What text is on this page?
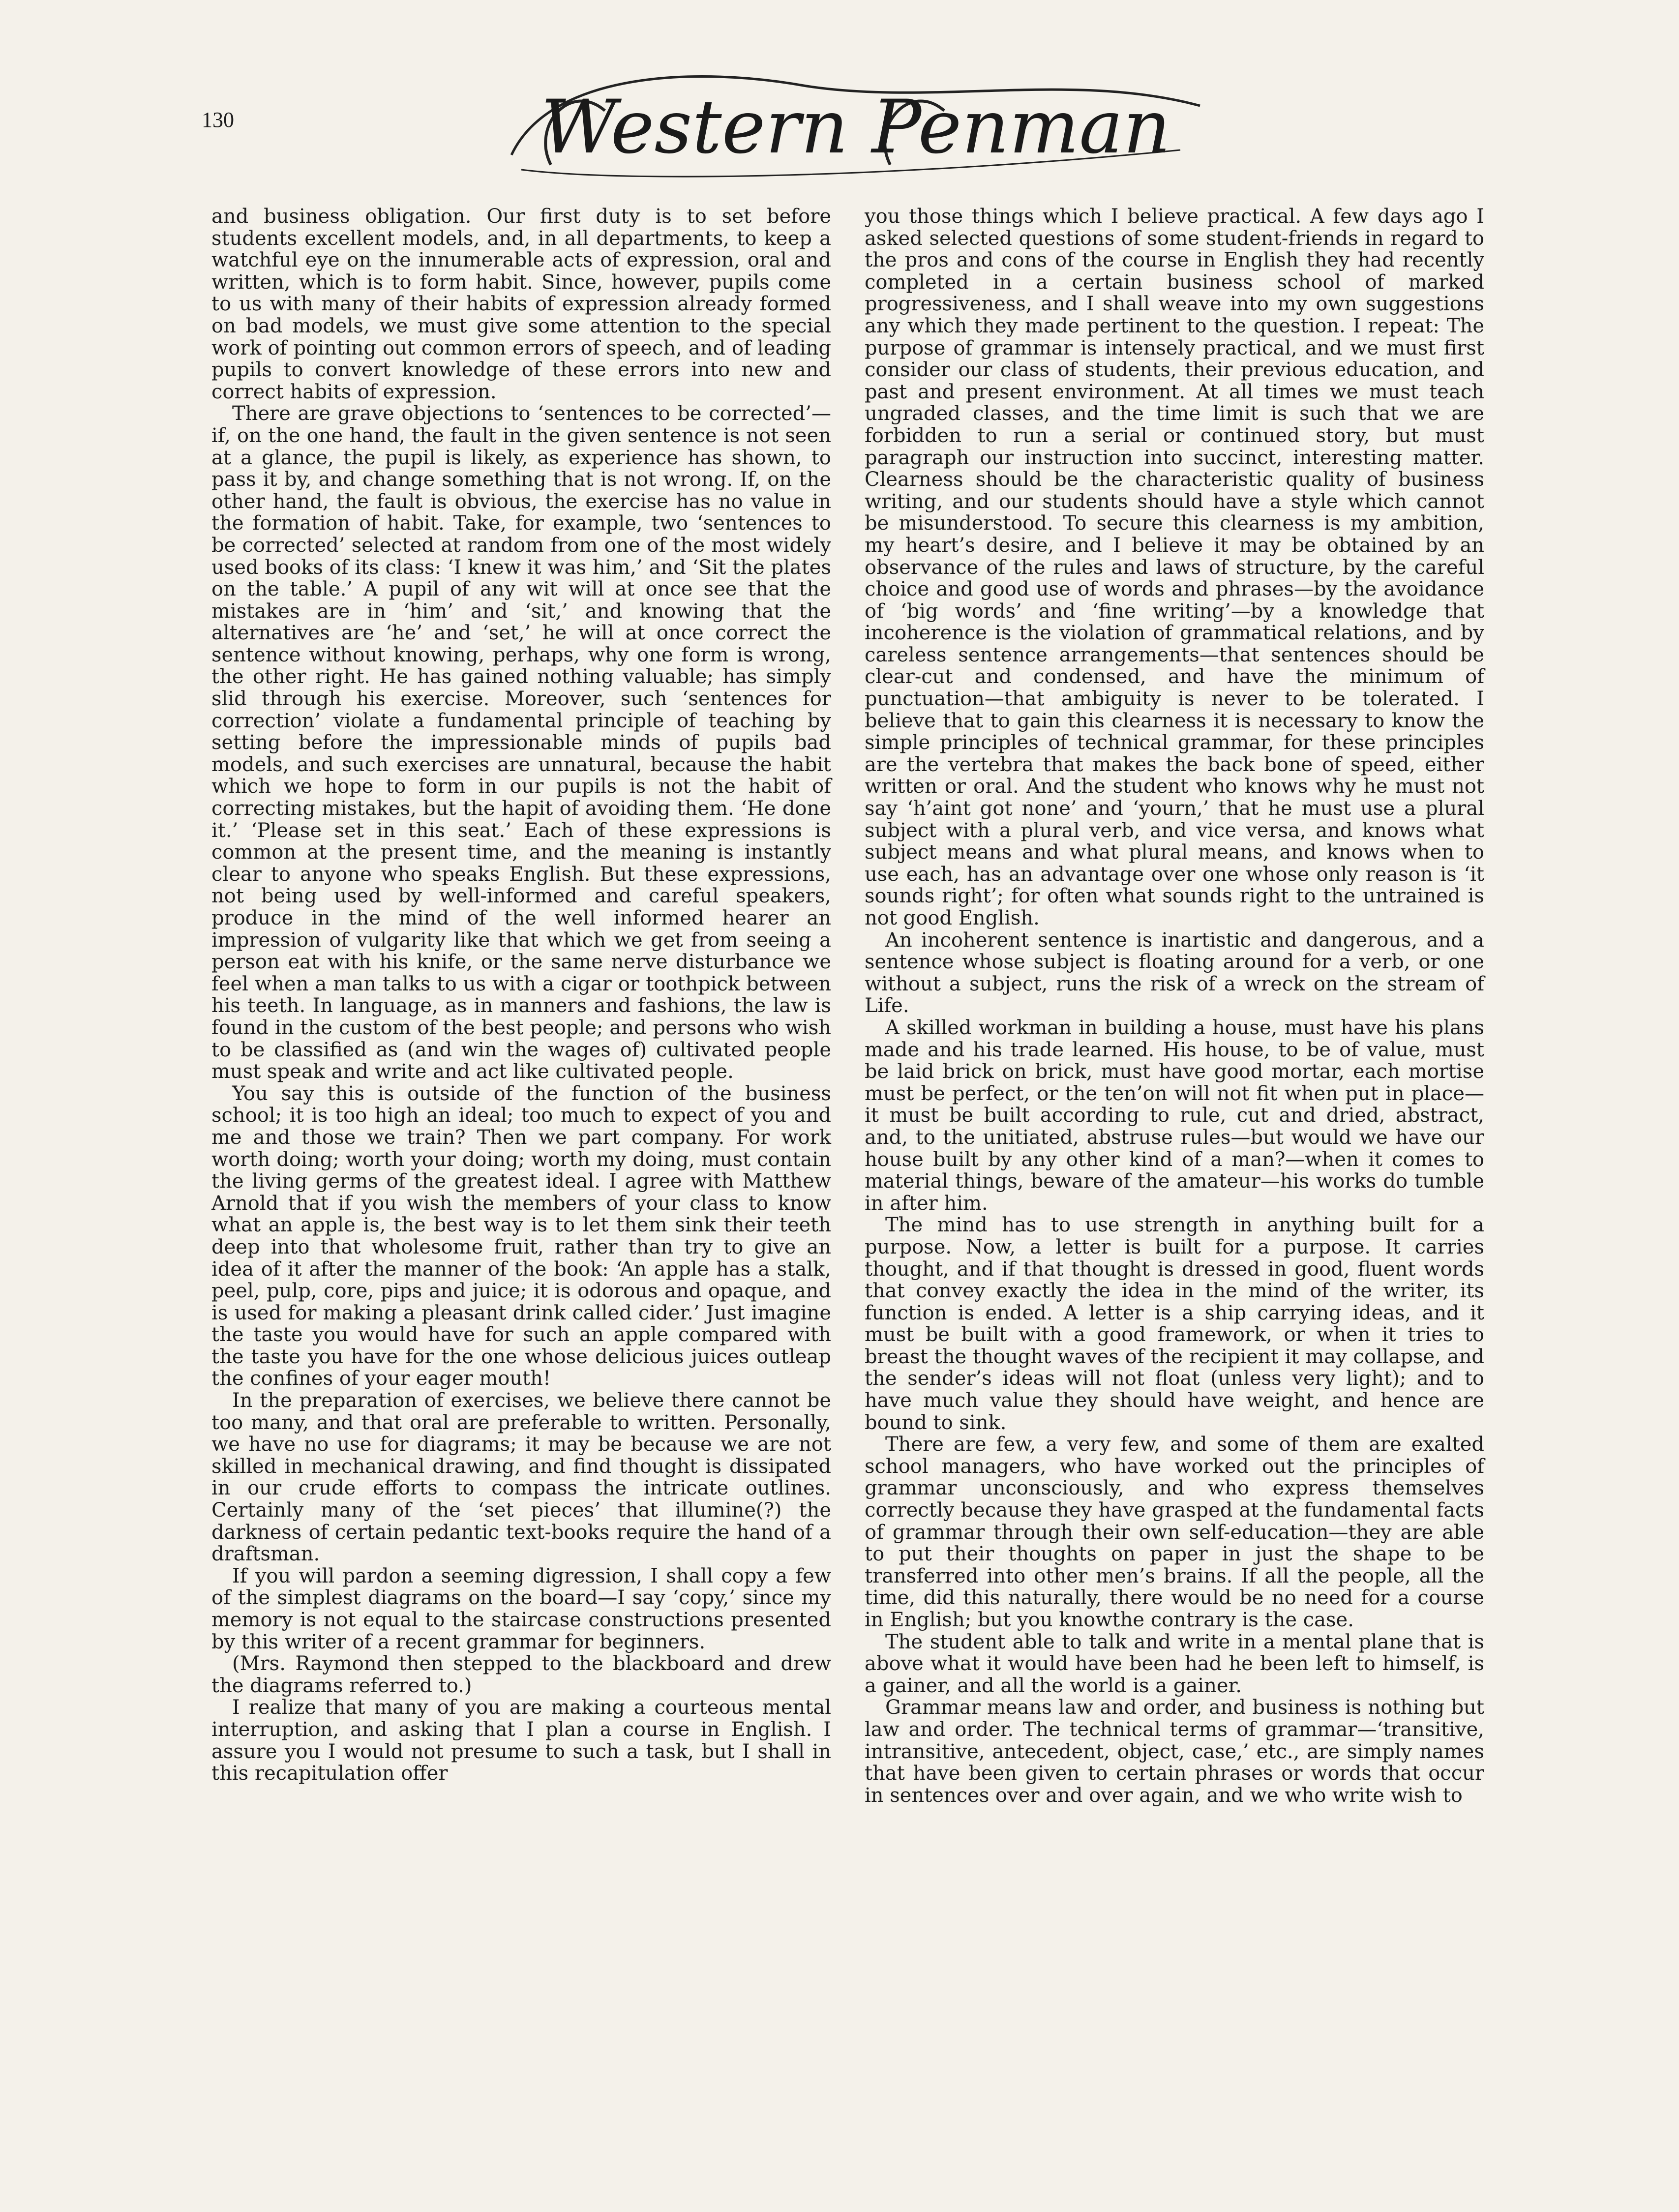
130	Western Penman

and business obligation. Our first duty is to set before students excellent models, and, in all departments, to keep a watchful eye on the innumerable acts of expression, oral and written, which is to form habit. Since, however, pupils come to us with many of their habits of expression already formed on bad models, we must give some attention to the special work of pointing out common errors of speech, and of leading pupils to convert knowledge of these errors into new and correct habits of expression.

There are grave objections to ‘sentences to be corrected’—if, on the one hand, the fault in the given sentence is not seen at a glance, the pupil is likely, as experience has shown, to pass it by, and change something that is not wrong. If, on the other hand, the fault is obvious, the exercise has no value in the formation of habit. Take, for example, two ‘sentences to be corrected’ selected at random from one of the most widely used books of its class: ‘I knew it was him,’ and ‘Sit the plates on the table.’ A pupil of any wit will at once see that the mistakes are in ‘him’ and ‘sit,’ and knowing that the alternatives are ‘he’ and ‘set,’ he will at once correct the sentence without knowing, perhaps, why one form is wrong, the other right. He has gained nothing valuable; has simply slid through his exercise. Moreover, such ‘sentences for correction’ violate a fundamental principle of teaching by setting before the impressionable minds of pupils bad models, and such exercises are unnatural, because the habit which we hope to form in our pupils is not the habit of correcting mistakes, but the hapit of avoiding them. ‘He done it.’ ‘Please set in this seat.’ Each of these expressions is common at the present time, and the meaning is instantly clear to anyone who speaks English. But these expressions, not being used by well-informed and careful speakers, produce in the mind of the well informed hearer an impression of vulgarity like that which we get from seeing a person eat with his knife, or the same nerve disturbance we feel when a man talks to us with a cigar or toothpick between his teeth. In language, as in manners and fashions, the law is found in the custom of the best people; and persons who wish to be classified as (and win the wages of) cultivated people must speak and write and act like cultivated people.

You say this is outside of the function of the business school; it is too high an ideal; too much to expect of you and me and those we train? Then we part company. For work worth doing; worth your doing; worth my doing, must contain the living germs of the greatest ideal. I agree with Matthew Arnold that if you wish the members of your class to know what an apple is, the best way is to let them sink their teeth deep into that wholesome fruit, rather than try to give an idea of it after the manner of the book: ‘An apple has a stalk, peel, pulp, core, pips and juice; it is odorous and opaque, and is used for making a pleasant drink called cider.’ Just imagine the taste you would have for such an apple compared with the taste you have for the one whose delicious juices outleap the confines of your eager mouth!

In the preparation of exercises, we believe there cannot be too many, and that oral are preferable to written. Personally, we have no use for diagrams; it may be because we are not skilled in mechanical drawing, and find thought is dissipated in our crude efforts to compass the intricate outlines. Certainly many of the ‘set pieces’ that illumine(?) the darkness of certain pedantic text-books require the hand of a draftsman.

If you will pardon a seeming digression, I shall copy a few of the simplest diagrams on the board—I say ‘copy,’ since my memory is not equal to the staircase constructions presented by this writer of a recent grammar for beginners.

(Mrs. Raymond then stepped to the blackboard and drew the diagrams referred to.)

I realize that many of you are making a courteous mental interruption, and asking that I plan a course in English. I assure you I would not presume to such a task, but I shall in this recapitulation offer

you those things which I believe practical. A few days ago I asked selected questions of some student-friends in regard to the pros and cons of the course in English they had recently completed in a certain business school of marked progressiveness, and I shall weave into my own suggestions any which they made pertinent to the question. I repeat: The purpose of grammar is intensely practical, and we must first consider our class of students, their previous education, and past and present environment. At all times we must teach ungraded classes, and the time limit is such that we are forbidden to run a serial or continued story, but must paragraph our instruction into succinct, interesting matter. Clearness should be the characteristic quality of business writing, and our students should have a style which cannot be misunderstood. To secure this clearness is my ambition, my heart’s desire, and I believe it may be obtained by an observance of the rules and laws of structure, by the careful choice and good use of words and phrases—by the avoidance of ‘big words’ and ‘fine writing’—by a knowledge that incoherence is the violation of grammatical relations, and by careless sentence arrangements—that sentences should be clear-cut and condensed, and have the minimum of punctuation—that ambiguity is never to be tolerated. I believe that to gain this clearness it is necessary to know the simple principles of technical grammar, for these principles are the vertebra that makes the back bone of speed, either written or oral. And the student who knows why he must not say ‘h’aint got none’ and ‘yourn,’ that he must use a plural subject with a plural verb, and vice versa, and knows what subject means and what plural means, and knows when to use each, has an advantage over one whose only reason is ‘it sounds right’; for often what sounds right to the untrained is not good English.

An incoherent sentence is inartistic and dangerous, and a sentence whose subject is floating around for a verb, or one without a subject, runs the risk of a wreck on the stream of Life.

A skilled workman in building a house, must have his plans made and his trade learned. His house, to be of value, must be laid brick on brick, must have good mortar, each mortise must be perfect, or the ten’on will not fit when put in place—it must be built according to rule, cut and dried, abstract, and, to the unitiated, abstruse rules—but would we have our house built by any other kind of a man?—when it comes to material things, beware of the amateur—his works do tumble in after him.

The mind has to use strength in anything built for a purpose. Now, a letter is built for a purpose. It carries thought, and if that thought is dressed in good, fluent words that convey exactly the idea in the mind of the writer, its function is ended. A letter is a ship carrying ideas, and it must be built with a good framework, or when it tries to breast the thought waves of the recipient it may collapse, and the sender’s ideas will not float (unless very light); and to have much value they should have weight, and hence are bound to sink.

There are few, a very few, and some of them are exalted school managers, who have worked out the principles of grammar unconsciously, and who express themselves correctly because they have grasped at the fundamental facts of grammar through their own self-education—they are able to put their thoughts on paper in just the shape to be transferred into other men’s brains. If all the people, all the time, did this naturally, there would be no need for a course in English; but you knowthe contrary is the case.

The student able to talk and write in a mental plane that is above what it would have been had he been left to himself, is a gainer, and all the world is a gainer.

Grammar means law and order, and business is nothing but law and order. The technical terms of grammar—‘transitive, intransitive, antecedent, object, case,’ etc., are simply names that have been given to certain phrases or words that occur in sentences over and over again, and we who write wish to
